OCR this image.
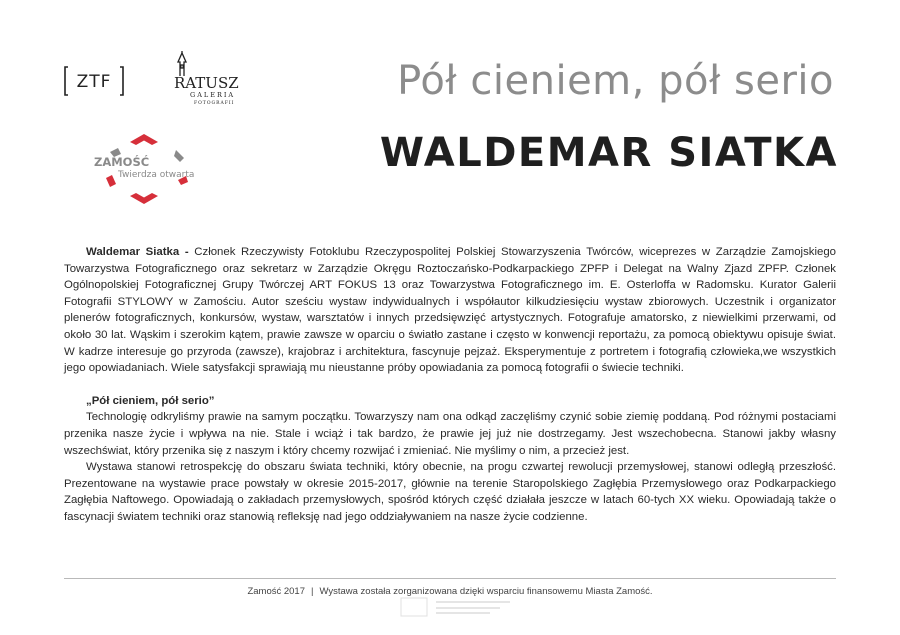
ZTF	RATUSZ
GALERIA
FOTOGRAFII
ZAMOŚĆ
Twierdza otwarta
Pół cieniem, pół serio
WALDEMAR SIATKA

Waldemar Siatka - Członek Rzeczywisty Fotoklubu Rzeczypospolitej Polskiej Stowarzyszenia Twórców, wiceprezes w Zarządzie Zamojskiego Towarzystwa Fotograficznego oraz sekretarz w Zarządzie Okręgu Roztoczańsko-Podkarpackiego ZPFP i Delegat na Walny Zjazd ZPFP. Członek Ogólnopolskiej Fotograficznej Grupy Twórczej ART FOKUS 13 oraz Towarzystwa Fotograficznego im. E. Osterloffa w Radomsku. Kurator Galerii Fotografii STYLOWY w Zamościu. Autor sześciu wystaw indywidualnych i współautor kilkudziesięciu wystaw zbiorowych. Uczestnik i organizator plenerów fotograficznych, konkursów, wystaw, warsztatów i innych przedsięwzięć artystycznych. Fotografuje amatorsko, z niewielkimi przerwami, od około 30 lat. Wąskim i szerokim kątem, prawie zawsze w oparciu o światło zastane i często w konwencji reportażu, za pomocą obiektywu opisuje świat. W kadrze interesuje go przyroda (zawsze), krajobraz i architektura, fascynuje pejzaż. Eksperymentuje z portretem i fotografią człowieka,we wszystkich jego opowiadaniach. Wiele satysfakcji sprawiają mu nieustanne próby opowiadania za pomocą fotografii o świecie techniki.

„Pół cieniem, pół serio”

Technologię odkryliśmy prawie na samym początku. Towarzyszy nam ona odkąd zaczęliśmy czynić sobie ziemię poddaną. Pod różnymi postaciami przenika nasze życie i wpływa na nie. Stale i wciąż i tak bardzo, że prawie jej już nie dostrzegamy. Jest wszechobecna. Stanowi jakby własny wszechświat, który przenika się z naszym i który chcemy rozwijać i zmieniać. Nie myślimy o nim, a przecież jest.

Wystawa stanowi retrospekcję do obszaru świata techniki, który obecnie, na progu czwartej rewolucji przemysłowej, stanowi odległą przeszłość. Prezentowane na wystawie prace powstały w okresie 2015-2017, głównie na terenie Staropolskiego Zagłębia Przemysłowego oraz Podkarpackiego Zagłębia Naftowego. Opowiadają o zakładach przemysłowych, spośród których część działała jeszcze w latach 60-tych XX wieku. Opowiadają także o fascynacji światem techniki oraz stanowią refleksję nad jego oddziaływaniem na nasze życie codzienne.

Zamość 2017 | Wystawa została zorganizowana dzięki wsparciu finansowemu Miasta Zamość.
